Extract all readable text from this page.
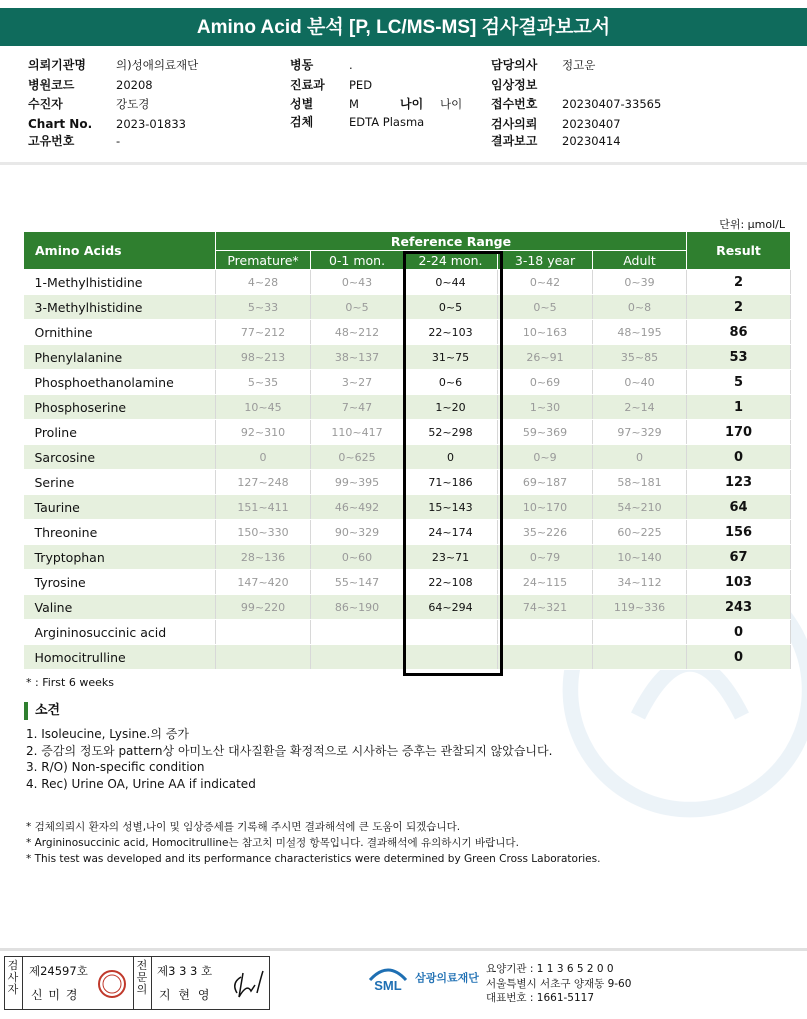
Amino Acid 분석 [P, LC/MS-MS] 검사결과보고서
의뢰기관명	의)성애의료재단
병원코드	20208
수진자	강도경
Chart No. 2023-01833
고유번호	-
병동	.
진료과 PED
성별	M	나이 나이
검체	EDTA Plasma
담당의사 정고운
임상정보
접수번호 20230407-33565
검사의뢰 20230407
결과보고 20230414
단위: μmol/L
Amino Acids	Reference Range					Result
	Premature*	0-1 mon.	2-24 mon.	3-18 year	Adult	
1-Methylhistidine	4~28	0~43	0~44	0~42	0~39	2
3-Methylhistidine	5~33	0~5	0~5	0~5	0~8	2
Ornithine	77~212	48~212	22~103	10~163	48~195	86
Phenylalanine	98~213	38~137	31~75	26~91	35~85	53
Phosphoethanolamine	5~35	3~27	0~6	0~69	0~40	5
Phosphoserine	10~45	7~47	1~20	1~30	2~14	1
Proline	92~310	110~417	52~298	59~369	97~329	170
Sarcosine	0	0~625	0	0~9	0	0
Serine	127~248	99~395	71~186	69~187	58~181	123
Taurine	151~411	46~492	15~143	10~170	54~210	64
Threonine	150~330	90~329	24~174	35~226	60~225	156
Tryptophan	28~136	0~60	23~71	0~79	10~140	67
Tyrosine	147~420	55~147	22~108	24~115	34~112	103
Valine	99~220	86~190	64~294	74~321	119~336	243
Argininosuccinic acid						0
Homocitrulline						0
* : First 6 weeks
소견
1. Isoleucine, Lysine.의 증가
2. 증감의 정도와 pattern상 아미노산 대사질환을 확정적으로 시사하는 증후는 관찰되지 않았습니다.
3. R/O) Non-specific condition
4. Rec) Urine OA, Urine AA if indicated
* 검체의뢰시 환자의 성별,나이 및 임상증세를 기록해 주시면 결과해석에 큰 도움이 되겠습니다.
* Argininosuccinic acid, Homocitrulline는 참고치 미설정 항목입니다. 결과해석에 유의하시기 바랍니다.
* This test was developed and its performance characteristics were determined by Green Cross Laboratories.
검
사
자
제24597호
신 미 경
전
문
의
제3 3 3 호
지 현 영
SML 삼광의료재단
요양기관 : 1 1 3 6 5 2 0 0
서울특별시 서초구 양재동 9-60
대표번호 : 1661-5117
